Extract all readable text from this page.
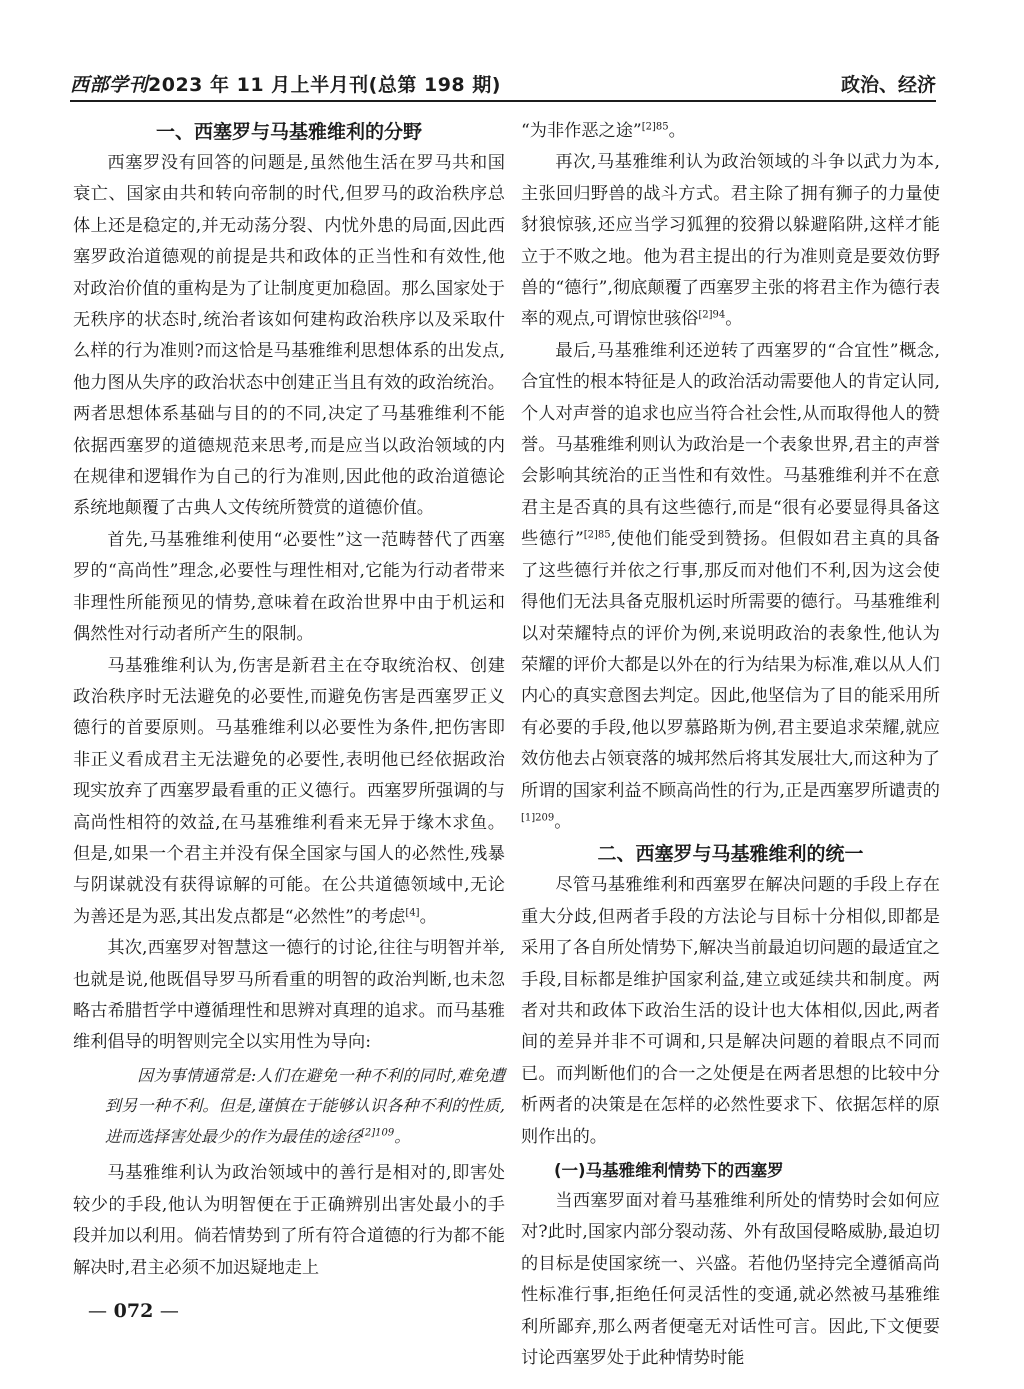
西部学刊2023 年 11 月上半月刊(总第 198 期)	政治、经济
一、西塞罗与马基雅维利的分野

西塞罗没有回答的问题是,虽然他生活在罗马共和国衰亡、国家由共和转向帝制的时代,但罗马的政治秩序总体上还是稳定的,并无动荡分裂、内忧外患的局面,因此西塞罗政治道德观的前提是共和政体的正当性和有效性,他对政治价值的重构是为了让制度更加稳固。那么国家处于无秩序的状态时,统治者该如何建构政治秩序以及采取什么样的行为准则?而这恰是马基雅维利思想体系的出发点,他力图从失序的政治状态中创建正当且有效的政治统治。两者思想体系基础与目的的不同,决定了马基雅维利不能依据西塞罗的道德规范来思考,而是应当以政治领域的内在规律和逻辑作为自己的行为准则,因此他的政治道德论系统地颠覆了古典人文传统所赞赏的道德价值。

首先,马基雅维利使用“必要性”这一范畴替代了西塞罗的“高尚性”理念,必要性与理性相对,它能为行动者带来非理性所能预见的情势,意味着在政治世界中由于机运和偶然性对行动者所产生的限制。

马基雅维利认为,伤害是新君主在夺取统治权、创建政治秩序时无法避免的必要性,而避免伤害是西塞罗正义德行的首要原则。马基雅维利以必要性为条件,把伤害即非正义看成君主无法避免的必要性,表明他已经依据政治现实放弃了西塞罗最看重的正义德行。西塞罗所强调的与高尚性相符的效益,在马基雅维利看来无异于缘木求鱼。但是,如果一个君主并没有保全国家与国人的必然性,残暴与阴谋就没有获得谅解的可能。在公共道德领域中,无论为善还是为恶,其出发点都是“必然性”的考虑[4]。

其次,西塞罗对智慧这一德行的讨论,往往与明智并举,也就是说,他既倡导罗马所看重的明智的政治判断,也未忽略古希腊哲学中遵循理性和思辨对真理的追求。而马基雅维利倡导的明智则完全以实用性为导向:

因为事情通常是:人们在避免一种不利的同时,难免遭到另一种不利。但是,谨慎在于能够认识各种不利的性质,进而选择害处最少的作为最佳的途径$^{[2]109}$。

马基雅维利认为政治领域中的善行是相对的,即害处较少的手段,他认为明智便在于正确辨别出害处最小的手段并加以利用。倘若情势到了所有符合道德的行为都不能解决时,君主必须不加迟疑地走上

“为非作恶之途”$^{[2]85}$。

再次,马基雅维利认为政治领域的斗争以武力为本,主张回归野兽的战斗方式。君主除了拥有狮子的力量使豺狼惊骇,还应当学习狐狸的狡猾以躲避陷阱,这样才能立于不败之地。他为君主提出的行为准则竟是要效仿野兽的“德行”,彻底颠覆了西塞罗主张的将君主作为德行表率的观点,可谓惊世骇俗$^{[2]94}$。

最后,马基雅维利还逆转了西塞罗的“合宜性”概念,合宜性的根本特征是人的政治活动需要他人的肯定认同,个人对声誉的追求也应当符合社会性,从而取得他人的赞誉。马基雅维利则认为政治是一个表象世界,君主的声誉会影响其统治的正当性和有效性。马基雅维利并不在意君主是否真的具有这些德行,而是“很有必要显得具备这些德行”$^{[2]85}$,使他们能受到赞扬。但假如君主真的具备了这些德行并依之行事,那反而对他们不利,因为这会使得他们无法具备克服机运时所需要的德行。马基雅维利以对荣耀特点的评价为例,来说明政治的表象性,他认为荣耀的评价大都是以外在的行为结果为标准,难以从人们内心的真实意图去判定。因此,他坚信为了目的能采用所有必要的手段,他以罗慕路斯为例,君主要追求荣耀,就应效仿他去占领衰落的城邦然后将其发展壮大,而这种为了所谓的国家利益不顾高尚性的行为,正是西塞罗所谴责的$^{[1]209}$。

二、西塞罗与马基雅维利的统一

尽管马基雅维利和西塞罗在解决问题的手段上存在重大分歧,但两者手段的方法论与目标十分相似,即都是采用了各自所处情势下,解决当前最迫切问题的最适宜之手段,目标都是维护国家利益,建立或延续共和制度。两者对共和政体下政治生活的设计也大体相似,因此,两者间的差异并非不可调和,只是解决问题的着眼点不同而已。而判断他们的合一之处便是在两者思想的比较中分析两者的决策是在怎样的必然性要求下、依据怎样的原则作出的。

(一)马基雅维利情势下的西塞罗

当西塞罗面对着马基雅维利所处的情势时会如何应对?此时,国家内部分裂动荡、外有敌国侵略威胁,最迫切的目标是使国家统一、兴盛。若他仍坚持完全遵循高尚性标准行事,拒绝任何灵活性的变通,就必然被马基雅维利所鄙弃,那么两者便毫无对话性可言。因此,下文便要讨论西塞罗处于此种情势时能

— 072 —
